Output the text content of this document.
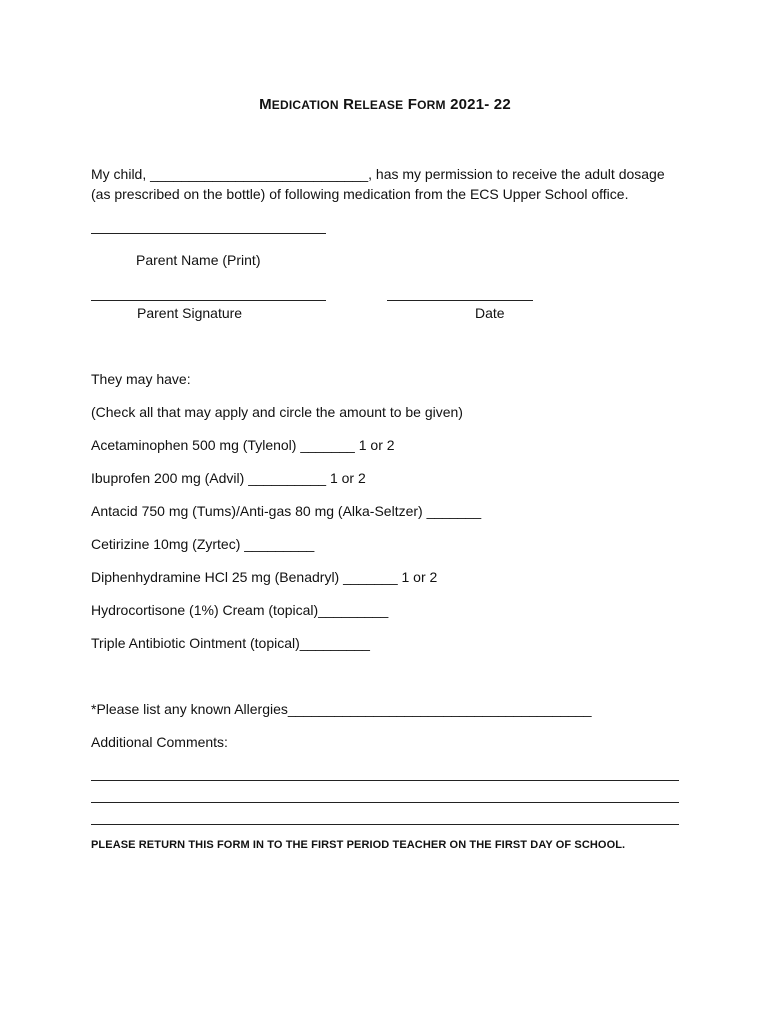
MEDICATION RELEASE FORM 2021- 22
My child, ____________________________, has my permission to receive the adult dosage
(as prescribed on the bottle) of following medication from the ECS Upper School office.
Parent Name (Print)
Parent Signature	Date
They may have:
(Check all that may apply and circle the amount to be given)
Acetaminophen 500 mg (Tylenol) _______ 1 or 2
Ibuprofen 200 mg (Advil) __________ 1 or 2
Antacid 750 mg (Tums)/Anti-gas 80 mg (Alka-Seltzer) _______
Cetirizine 10mg (Zyrtec) _________
Diphenhydramine HCl 25 mg (Benadryl) _______ 1 or 2
Hydrocortisone (1%) Cream (topical)_________
Triple Antibiotic Ointment (topical)_________
*Please list any known Allergies_______________________________________
Additional Comments:
PLEASE RETURN THIS FORM IN TO THE FIRST PERIOD TEACHER ON THE FIRST DAY OF SCHOOL.
